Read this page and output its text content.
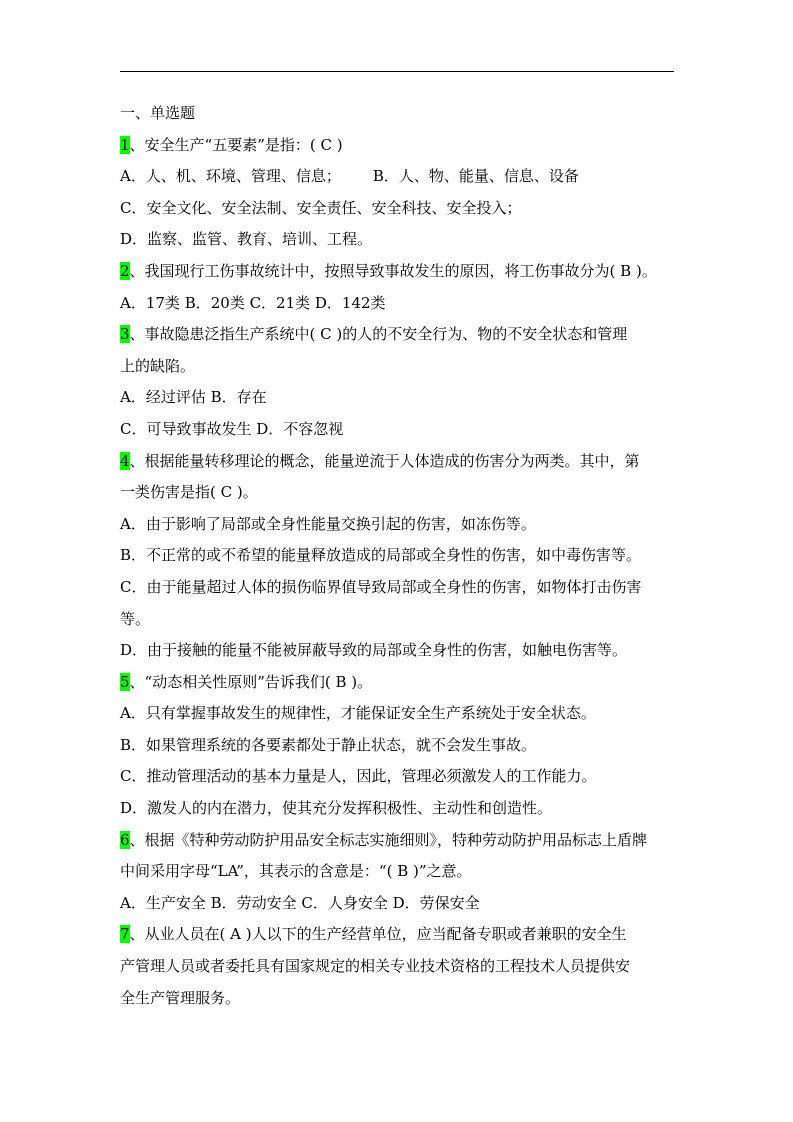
一、单选题
1、安全生产“五要素”是指：( C )
A．人、机、环境、管理、信息； B．人、物、能量、信息、设备
C．安全文化、安全法制、安全责任、安全科技、安全投入；
D．监察、监管、教育、培训、工程。
2、我国现行工伤事故统计中，按照导致事故发生的原因，将工伤事故分为( B )。
A．17类 B．20类 C．21类 D．142类
3、事故隐患泛指生产系统中( C )的人的不安全行为、物的不安全状态和管理
上的缺陷。
A．经过评估 B．存在
C．可导致事故发生 D．不容忽视
4、根据能量转移理论的概念，能量逆流于人体造成的伤害分为两类。其中，第
一类伤害是指( C )。
A．由于影响了局部或全身性能量交换引起的伤害，如冻伤等。
B．不正常的或不希望的能量释放造成的局部或全身性的伤害，如中毒伤害等。
C．由于能量超过人体的损伤临界值导致局部或全身性的伤害，如物体打击伤害
等。
D．由于接触的能量不能被屏蔽导致的局部或全身性的伤害，如触电伤害等。
5、“动态相关性原则”告诉我们( B )。
A．只有掌握事故发生的规律性，才能保证安全生产系统处于安全状态。
B．如果管理系统的各要素都处于静止状态，就不会发生事故。
C．推动管理活动的基本力量是人，因此，管理必须激发人的工作能力。
D．激发人的内在潜力，使其充分发挥积极性、主动性和创造性。
6、根据《特种劳动防护用品安全标志实施细则》，特种劳动防护用品标志上盾牌
中间采用字母“LA”，其表示的含意是：“( B )”之意。
A．生产安全 B．劳动安全 C．人身安全 D．劳保安全
7、从业人员在( A )人以下的生产经营单位，应当配备专职或者兼职的安全生
产管理人员或者委托具有国家规定的相关专业技术资格的工程技术人员提供安
全生产管理服务。
